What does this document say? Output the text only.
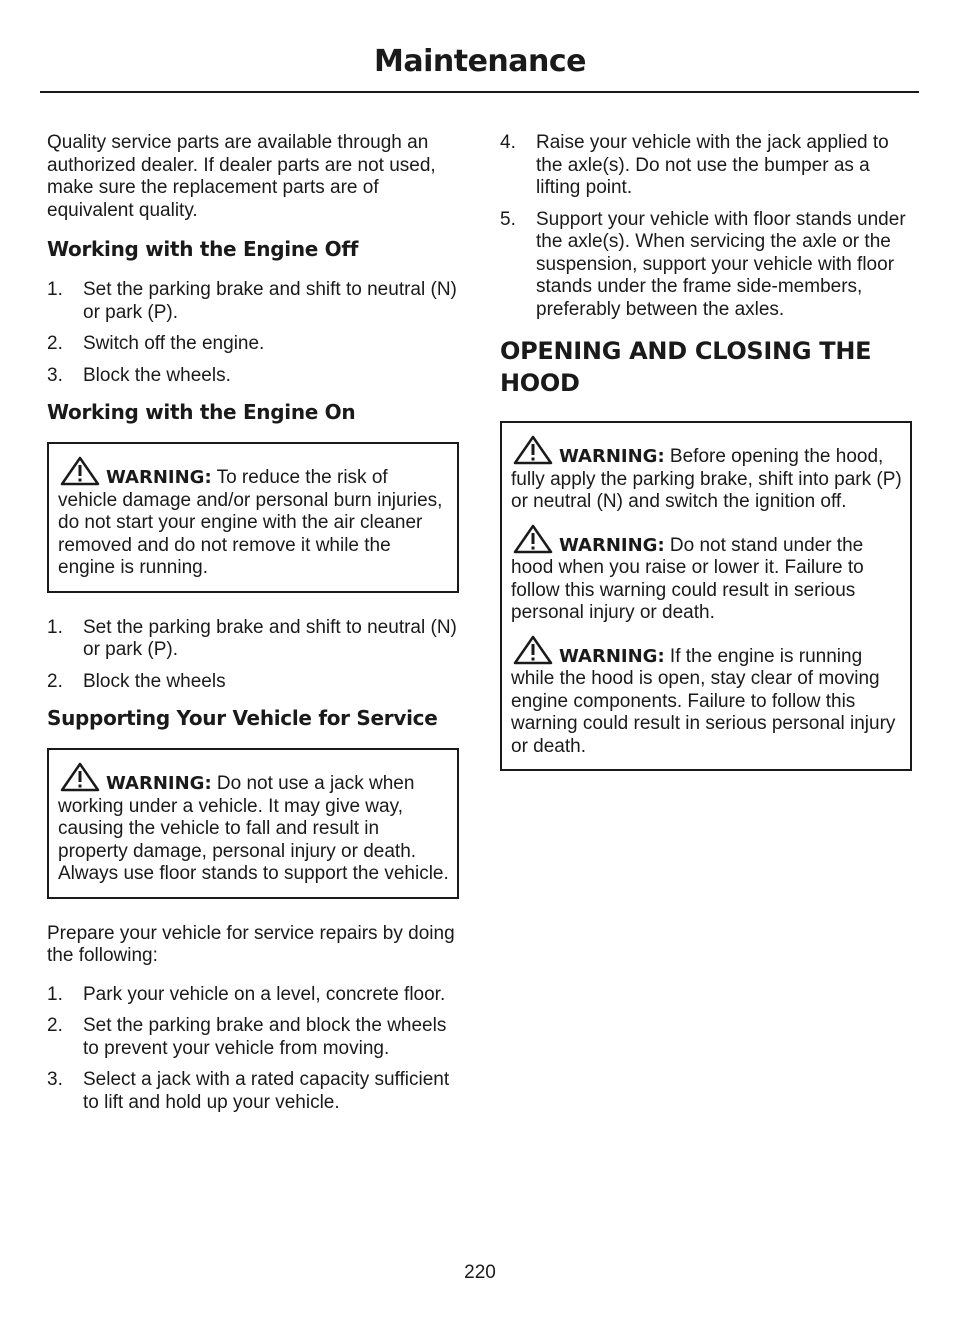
Maintenance

Quality service parts are available through an authorized dealer. If dealer parts are not used, make sure the replacement parts are of equivalent quality.

Working with the Engine Off
1. Set the parking brake and shift to neutral (N) or park (P).
2. Switch off the engine.
3. Block the wheels.
Working with the Engine On
WARNING: To reduce the risk of vehicle damage and/or personal burn injuries, do not start your engine with the air cleaner removed and do not remove it while the engine is running.
1. Set the parking brake and shift to neutral (N) or park (P).
2. Block the wheels
Supporting Your Vehicle for Service
WARNING: Do not use a jack when working under a vehicle. It may give way, causing the vehicle to fall and result in property damage, personal injury or death. Always use floor stands to support the vehicle.

Prepare your vehicle for service repairs by doing the following:

1. Park your vehicle on a level, concrete floor.
2. Set the parking brake and block the wheels to prevent your vehicle from moving.
3. Select a jack with a rated capacity sufficient to lift and hold up your vehicle.
4. Raise your vehicle with the jack applied to the axle(s). Do not use the bumper as a lifting point.
5. Support your vehicle with floor stands under the axle(s). When servicing the axle or the suspension, support your vehicle with floor stands under the frame side-members, preferably between the axles.
OPENING AND CLOSING THE HOOD
WARNING: Before opening the hood, fully apply the parking brake, shift into park (P) or neutral (N) and switch the ignition off.
WARNING: Do not stand under the hood when you raise or lower it. Failure to follow this warning could result in serious personal injury or death.
WARNING: If the engine is running while the hood is open, stay clear of moving engine components. Failure to follow this warning could result in serious personal injury or death.
220
